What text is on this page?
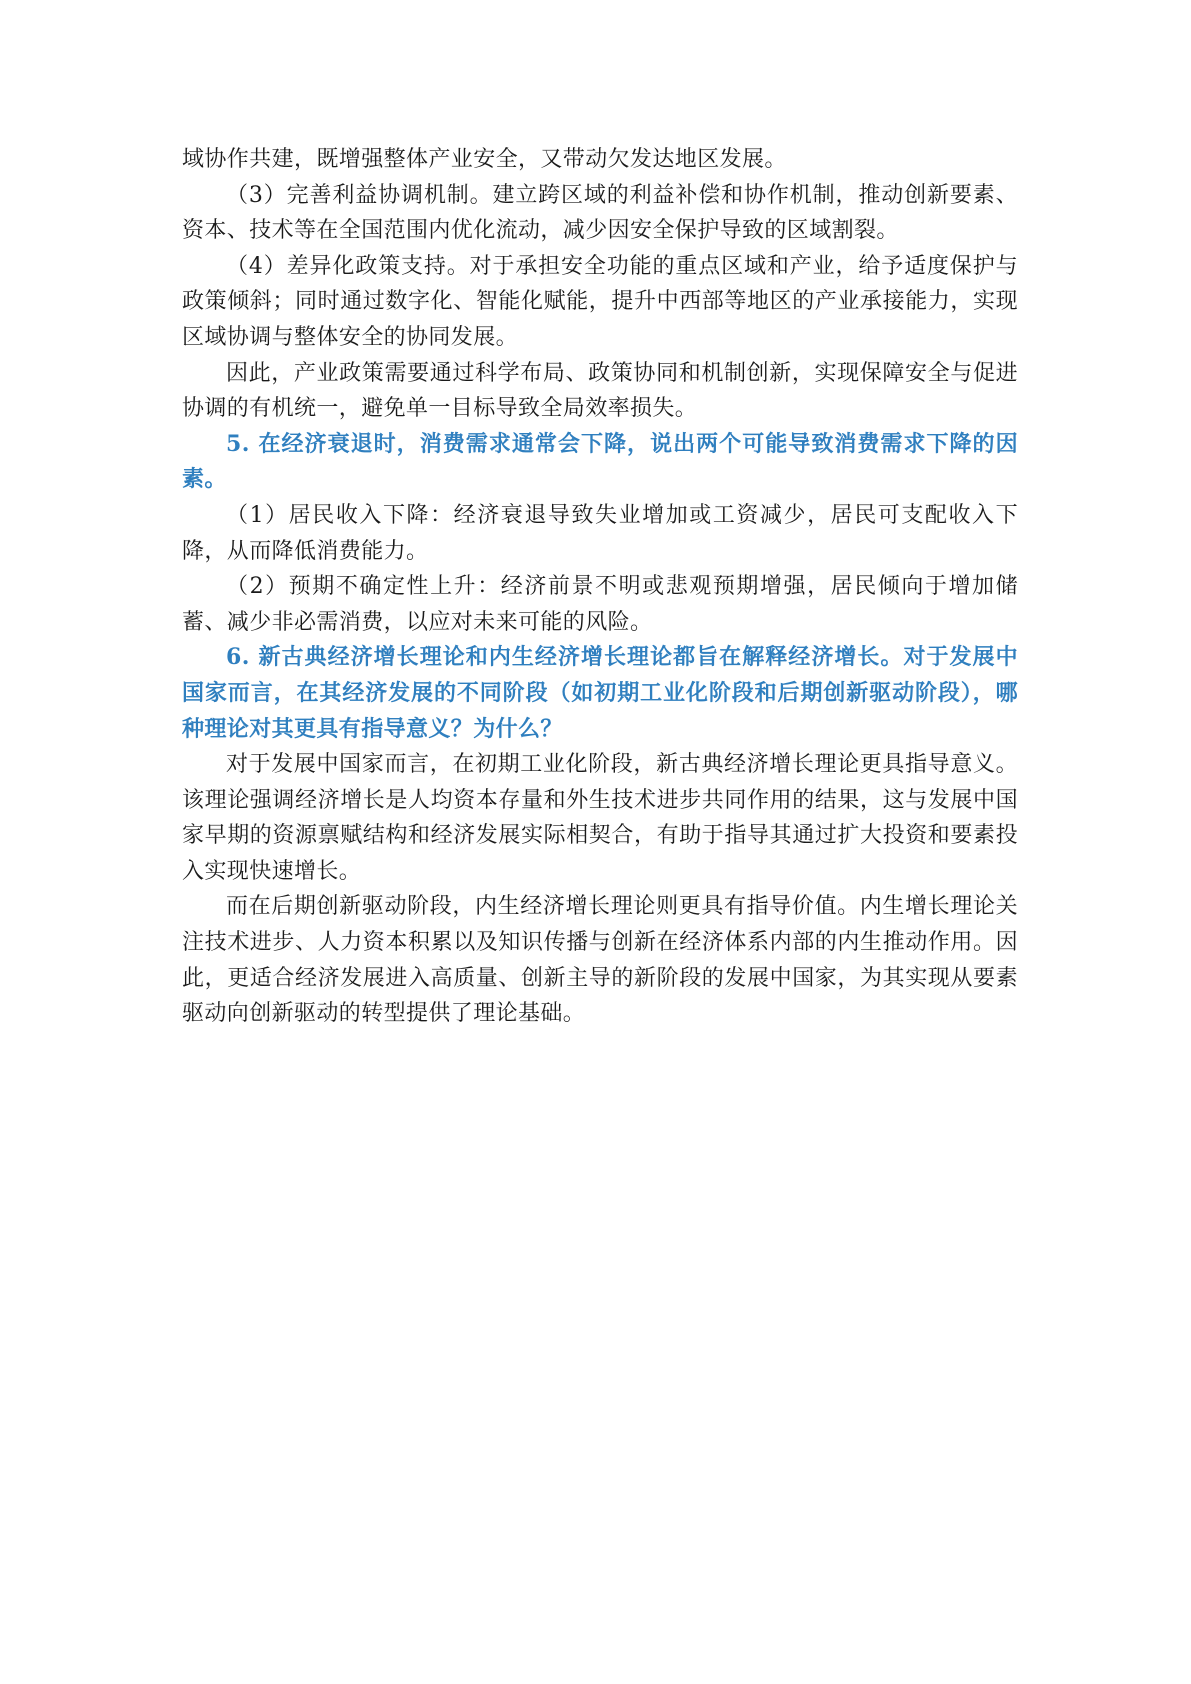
域协作共建，既增强整体产业安全，又带动欠发达地区发展。

（3）完善利益协调机制。建立跨区域的利益补偿和协作机制，推动创新要素、资本、技术等在全国范围内优化流动，减少因安全保护导致的区域割裂。

（4）差异化政策支持。对于承担安全功能的重点区域和产业，给予适度保护与政策倾斜；同时通过数字化、智能化赋能，提升中西部等地区的产业承接能力，实现区域协调与整体安全的协同发展。

因此，产业政策需要通过科学布局、政策协同和机制创新，实现保障安全与促进协调的有机统一，避免单一目标导致全局效率损失。

5. 在经济衰退时，消费需求通常会下降，说出两个可能导致消费需求下降的因素。

（1）居民收入下降：经济衰退导致失业增加或工资减少，居民可支配收入下降，从而降低消费能力。

（2）预期不确定性上升：经济前景不明或悲观预期增强，居民倾向于增加储蓄、减少非必需消费，以应对未来可能的风险。

6. 新古典经济增长理论和内生经济增长理论都旨在解释经济增长。对于发展中国家而言，在其经济发展的不同阶段（如初期工业化阶段和后期创新驱动阶段），哪种理论对其更具有指导意义？为什么？

对于发展中国家而言，在初期工业化阶段，新古典经济增长理论更具指导意义。该理论强调经济增长是人均资本存量和外生技术进步共同作用的结果，这与发展中国家早期的资源禀赋结构和经济发展实际相契合，有助于指导其通过扩大投资和要素投入实现快速增长。

而在后期创新驱动阶段，内生经济增长理论则更具有指导价值。内生增长理论关注技术进步、人力资本积累以及知识传播与创新在经济体系内部的内生推动作用。因此，更适合经济发展进入高质量、创新主导的新阶段的发展中国家，为其实现从要素驱动向创新驱动的转型提供了理论基础。
